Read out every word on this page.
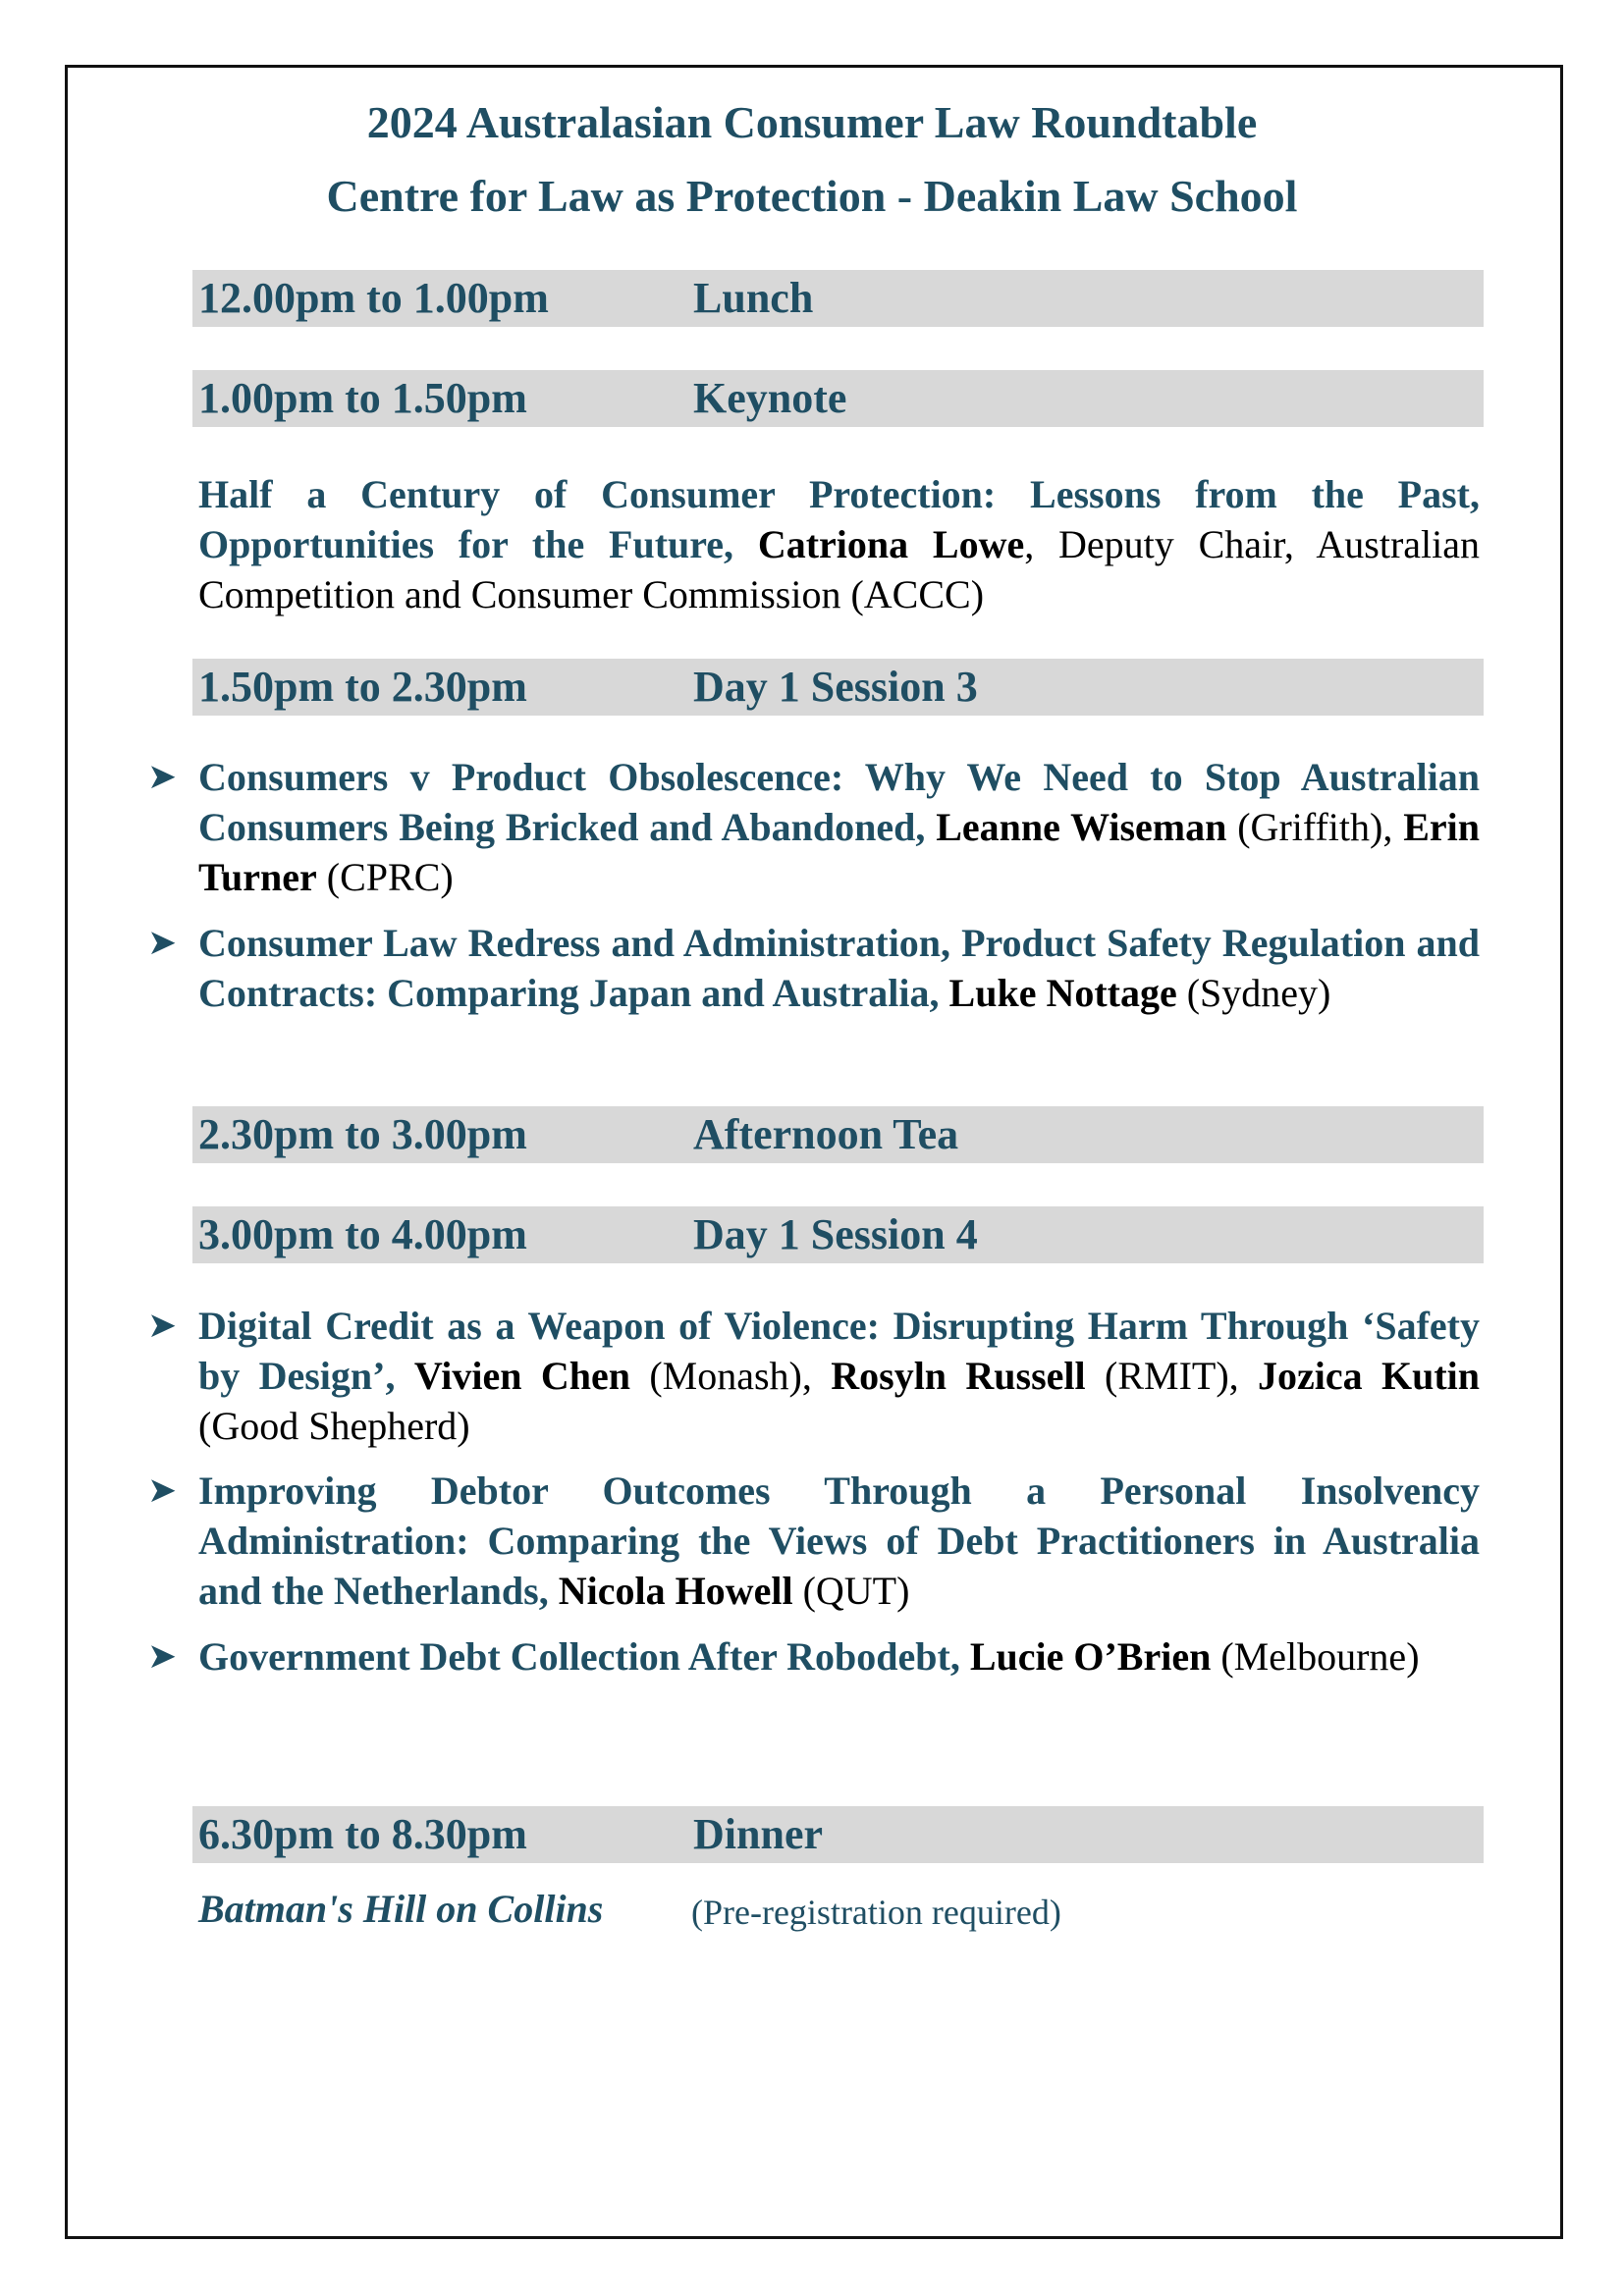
2024 Australasian Consumer Law Roundtable
Centre for Law as Protection - Deakin Law School
12.00pm to 1.00pm	Lunch
1.00pm to 1.50pm	Keynote
Half a Century of Consumer Protection: Lessons from the Past, Opportunities for the Future, Catriona Lowe, Deputy Chair, Australian Competition and Consumer Commission (ACCC)
1.50pm to 2.30pm	Day 1 Session 3
➤ Consumers v Product Obsolescence: Why We Need to Stop Australian Consumers Being Bricked and Abandoned, Leanne Wiseman (Griffith), Erin Turner (CPRC)
➤ Consumer Law Redress and Administration, Product Safety Regulation and Contracts: Comparing Japan and Australia, Luke Nottage (Sydney)
2.30pm to 3.00pm	Afternoon Tea
3.00pm to 4.00pm	Day 1 Session 4
➤ Digital Credit as a Weapon of Violence: Disrupting Harm Through ‘Safety by Design’, Vivien Chen (Monash), Rosyln Russell (RMIT), Jozica Kutin (Good Shepherd)
➤ Improving Debtor Outcomes Through a Personal Insolvency Administration: Comparing the Views of Debt Practitioners in Australia and the Netherlands, Nicola Howell (QUT)
➤ Government Debt Collection After Robodebt, Lucie O’Brien (Melbourne)
6.30pm to 8.30pm	Dinner
Batman's Hill on Collins (Pre-registration required)
